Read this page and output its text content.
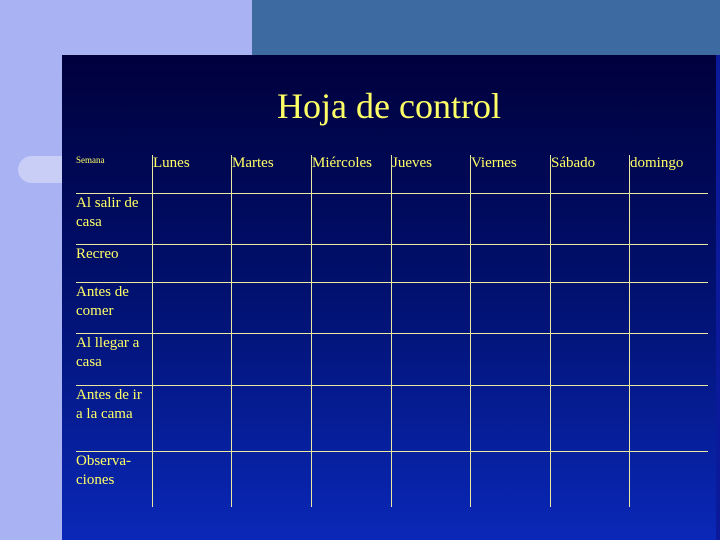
Hoja de control
Semana	Lunes	Martes	Miércoles	Jueves	Viernes	Sábado	domingo
Al salir de casa							
Recreo							
Antes de comer							
Al llegar a casa							
Antes de ir a la cama							
Observa-ciones							
